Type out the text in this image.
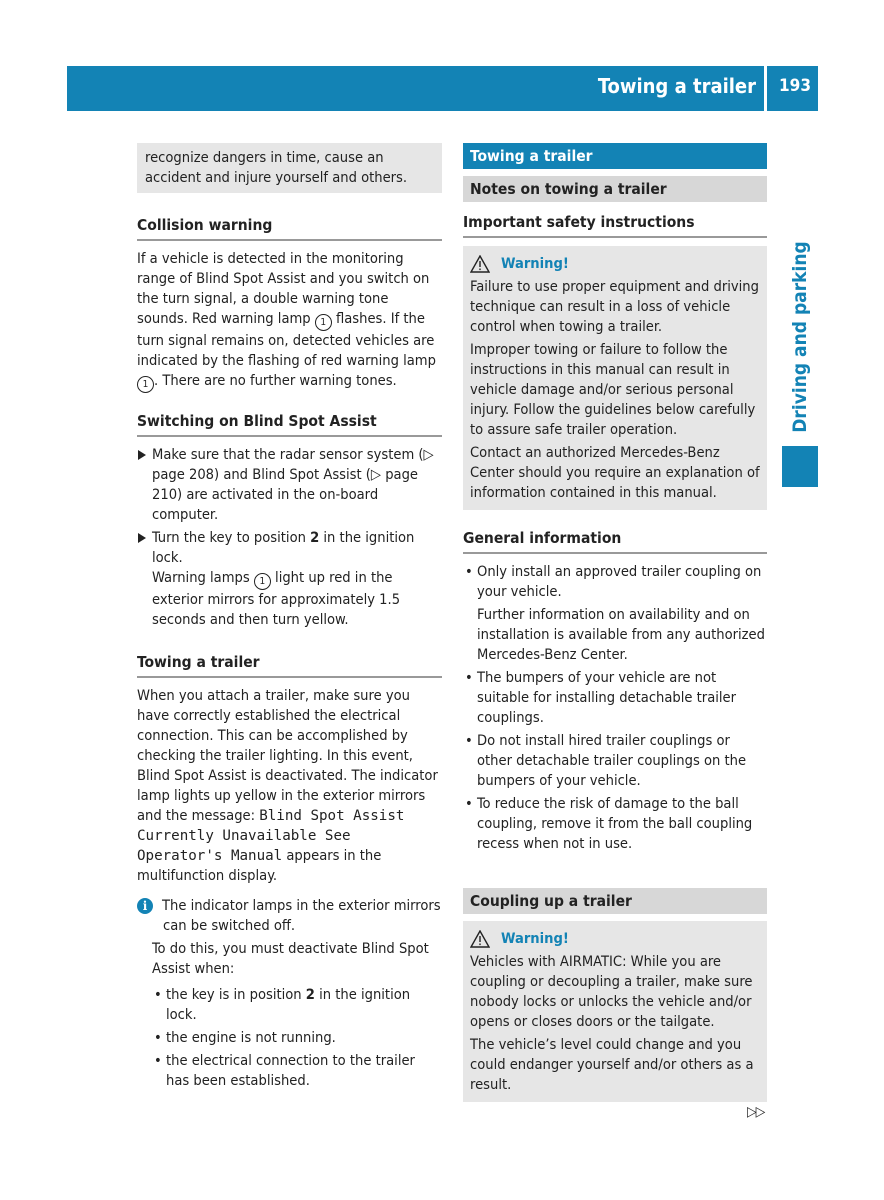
Towing a trailer	193
Driving and parking

recognize dangers in time, cause an accident and injure yourself and others.

Collision warning

If a vehicle is detected in the monitoring range of Blind Spot Assist and you switch on the turn signal, a double warning tone sounds. Red warning lamp 1 flashes. If the turn signal remains on, detected vehicles are indicated by the flashing of red warning lamp 1 . There are no further warning tones.

Switching on Blind Spot Assist
Make sure that the radar sensor system (▷ page 208) and Blind Spot Assist (▷ page 210) are activated in the on-board computer.
Turn the key to position 2 in the ignition lock.
Warning lamps 1 light up red in the exterior mirrors for approximately 1.5 seconds and then turn yellow.
Towing a trailer

When you attach a trailer, make sure you have correctly established the electrical connection. This can be accomplished by checking the trailer lighting. In this event, Blind Spot Assist is deactivated. The indicator lamp lights up yellow in the exterior mirrors and the message: Blind Spot Assist Currently Unavailable See Operator's Manual appears in the multifunction display.

i	The indicator lamps in the exterior mirrors can be switched off.

To do this, you must deactivate Blind Spot Assist when:

• the key is in position 2 in the ignition lock.
• the engine is not running.
• the electrical connection to the trailer has been established.
Towing a trailer
Notes on towing a trailer
Important safety instructions
Warning!

Failure to use proper equipment and driving technique can result in a loss of vehicle control when towing a trailer.

Improper towing or failure to follow the instructions in this manual can result in vehicle damage and/or serious personal injury. Follow the guidelines below carefully to assure safe trailer operation.

Contact an authorized Mercedes-Benz Center should you require an explanation of information contained in this manual.

General information
• Only install an approved trailer coupling on your vehicle.

Further information on availability and on installation is available from any authorized Mercedes-Benz Center.

• The bumpers of your vehicle are not suitable for installing detachable trailer couplings.
• Do not install hired trailer couplings or other detachable trailer couplings on the bumpers of your vehicle.
• To reduce the risk of damage to the ball coupling, remove it from the ball coupling recess when not in use.
Coupling up a trailer
Warning!

Vehicles with AIRMATIC: While you are coupling or decoupling a trailer, make sure nobody locks or unlocks the vehicle and/or opens or closes doors or the tailgate.

The vehicle’s level could change and you could endanger yourself and/or others as a result.

▷▷
